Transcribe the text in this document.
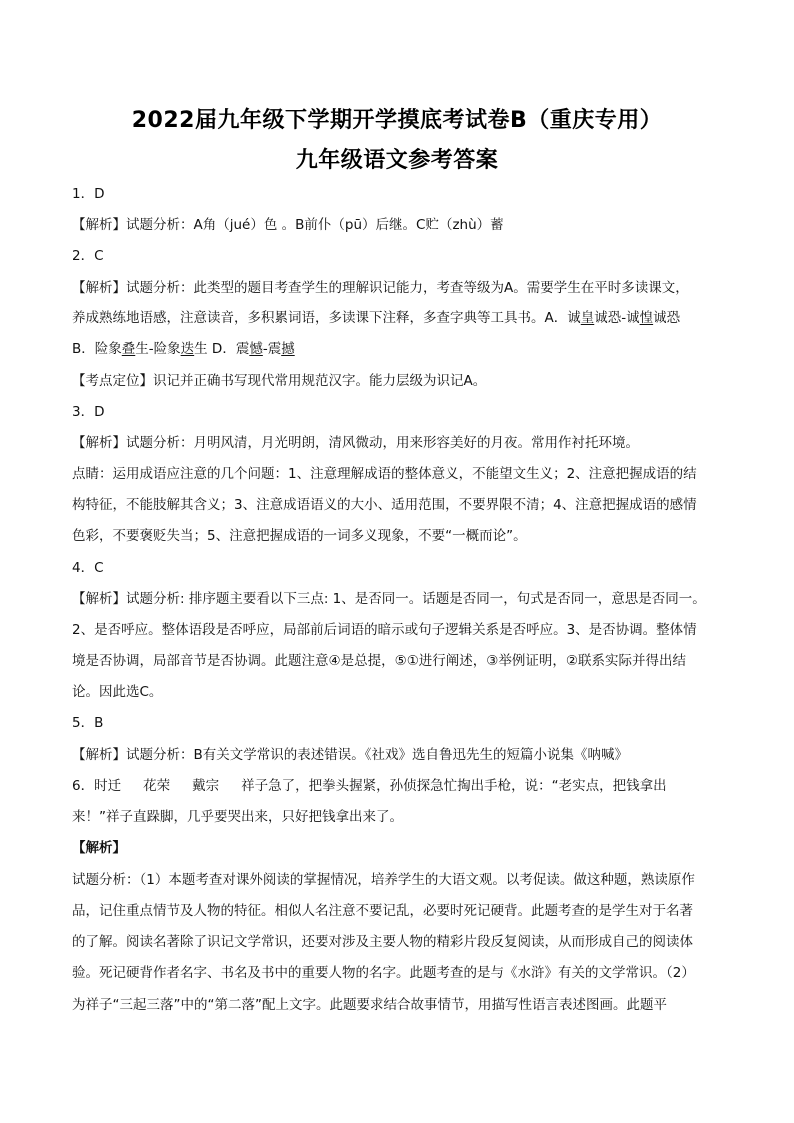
2022届九年级下学期开学摸底考试卷B（重庆专用）
九年级语文参考答案
1．D
【解析】试题分析：A角（jué）色 。B前仆（pū）后继。C贮（zhù）蓄
2．C
【解析】试题分析：此类型的题目考查学生的理解识记能力，考查等级为A。需要学生在平时多读课文，
养成熟练地语感，注意读音，多积累词语，多读课下注释，多查字典等工具书。A．诚皇诚恐-诚惶诚恐
B．险象叠生-险象迭生 D．震憾-震撼
【考点定位】识记并正确书写现代常用规范汉字。能力层级为识记A。
3．D
【解析】试题分析：月明风清，月光明朗，清风微动，用来形容美好的月夜。常用作衬托环境。
点睛：运用成语应注意的几个问题：1、注意理解成语的整体意义，不能望文生义；2、注意把握成语的结
构特征，不能肢解其含义；3、注意成语语义的大小、适用范围，不要界限不清；4、注意把握成语的感情
色彩，不要褒贬失当；5、注意把握成语的一词多义现象，不要“一概而论”。
4．C
【解析】试题分析: 排序题主要看以下三点: 1、是否同一。话题是否同一，句式是否同一，意思是否同一。
2、是否呼应。整体语段是否呼应，局部前后词语的暗示或句子逻辑关系是否呼应。3、是否协调。整体情
境是否协调，局部音节是否协调。此题注意④是总提，⑤①进行阐述，③举例证明，②联系实际并得出结
论。因此选C。
5．B
【解析】试题分析：B有关文学常识的表述错误。《社戏》选自鲁迅先生的短篇小说集《呐喊》
6．时迁 花荣 戴宗 祥子急了，把拳头握紧，孙侦探急忙掏出手枪，说：“老实点，把钱拿出
来！”祥子直跺脚，几乎要哭出来，只好把钱拿出来了。
【解析】
试题分析：（1）本题考查对课外阅读的掌握情况，培养学生的大语文观。以考促读。做这种题，熟读原作
品，记住重点情节及人物的特征。相似人名注意不要记乱，必要时死记硬背。此题考查的是学生对于名著
的了解。阅读名著除了识记文学常识，还要对涉及主要人物的精彩片段反复阅读，从而形成自己的阅读体
验。死记硬背作者名字、书名及书中的重要人物的名字。此题考查的是与《水浒》有关的文学常识。（2）
为祥子“三起三落”中的“第二落”配上文字。此题要求结合故事情节，用描写性语言表述图画。此题平
